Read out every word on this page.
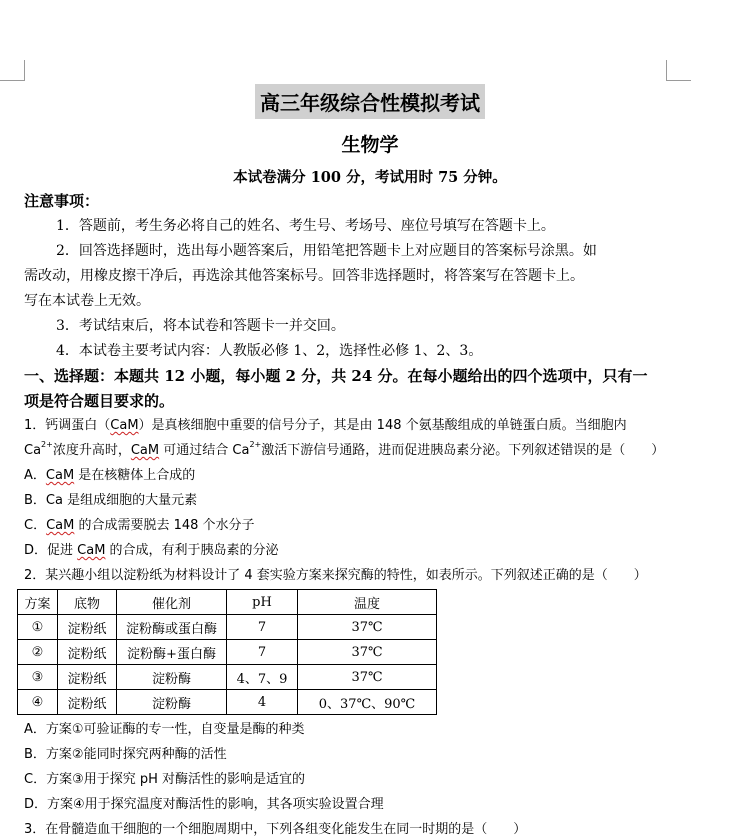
高三年级综合性模拟考试
生物学
本试卷满分 100 分，考试用时 75 分钟。
注意事项：
1．答题前，考生务必将自己的姓名、考生号、考场号、座位号填写在答题卡上。
2．回答选择题时，选出每小题答案后，用铅笔把答题卡上对应题目的答案标号涂黑。如
需改动，用橡皮擦干净后，再选涂其他答案标号。回答非选择题时，将答案写在答题卡上。
写在本试卷上无效。
3．考试结束后，将本试卷和答题卡一并交回。
4．本试卷主要考试内容：人教版必修 1、2，选择性必修 1、2、3。
一、选择题：本题共 12 小题，每小题 2 分，共 24 分。在每小题给出的四个选项中，只有一
项是符合题目要求的。
1．钙调蛋白（CaM）是真核细胞中重要的信号分子，其是由 148 个氨基酸组成的单链蛋白质。当细胞内
$Ca^{2+}$浓度升高时，CaM 可通过结合 $Ca^{2+}$激活下游信号通路，进而促进胰岛素分泌。下列叙述错误的是（　　）
A．CaM 是在核糖体上合成的
B．Ca 是组成细胞的大量元素
C．CaM 的合成需要脱去 148 个水分子
D．促进 CaM 的合成，有利于胰岛素的分泌
2．某兴趣小组以淀粉纸为材料设计了 4 套实验方案来探究酶的特性，如表所示。下列叙述正确的是（　　）
方案	底物	催化剂	pH	温度
①	淀粉纸	淀粉酶或蛋白酶	7	37℃
②	淀粉纸	淀粉酶+蛋白酶	7	37℃
③	淀粉纸	淀粉酶	4、7、9	37℃
④	淀粉纸	淀粉酶	4	0、37℃、90℃
A．方案①可验证酶的专一性，自变量是酶的种类
B．方案②能同时探究两种酶的活性
C．方案③用于探究 pH 对酶活性的影响是适宜的
D．方案④用于探究温度对酶活性的影响，其各项实验设置合理
3．在骨髓造血干细胞的一个细胞周期中，下列各组变化能发生在同一时期的是（　　）
